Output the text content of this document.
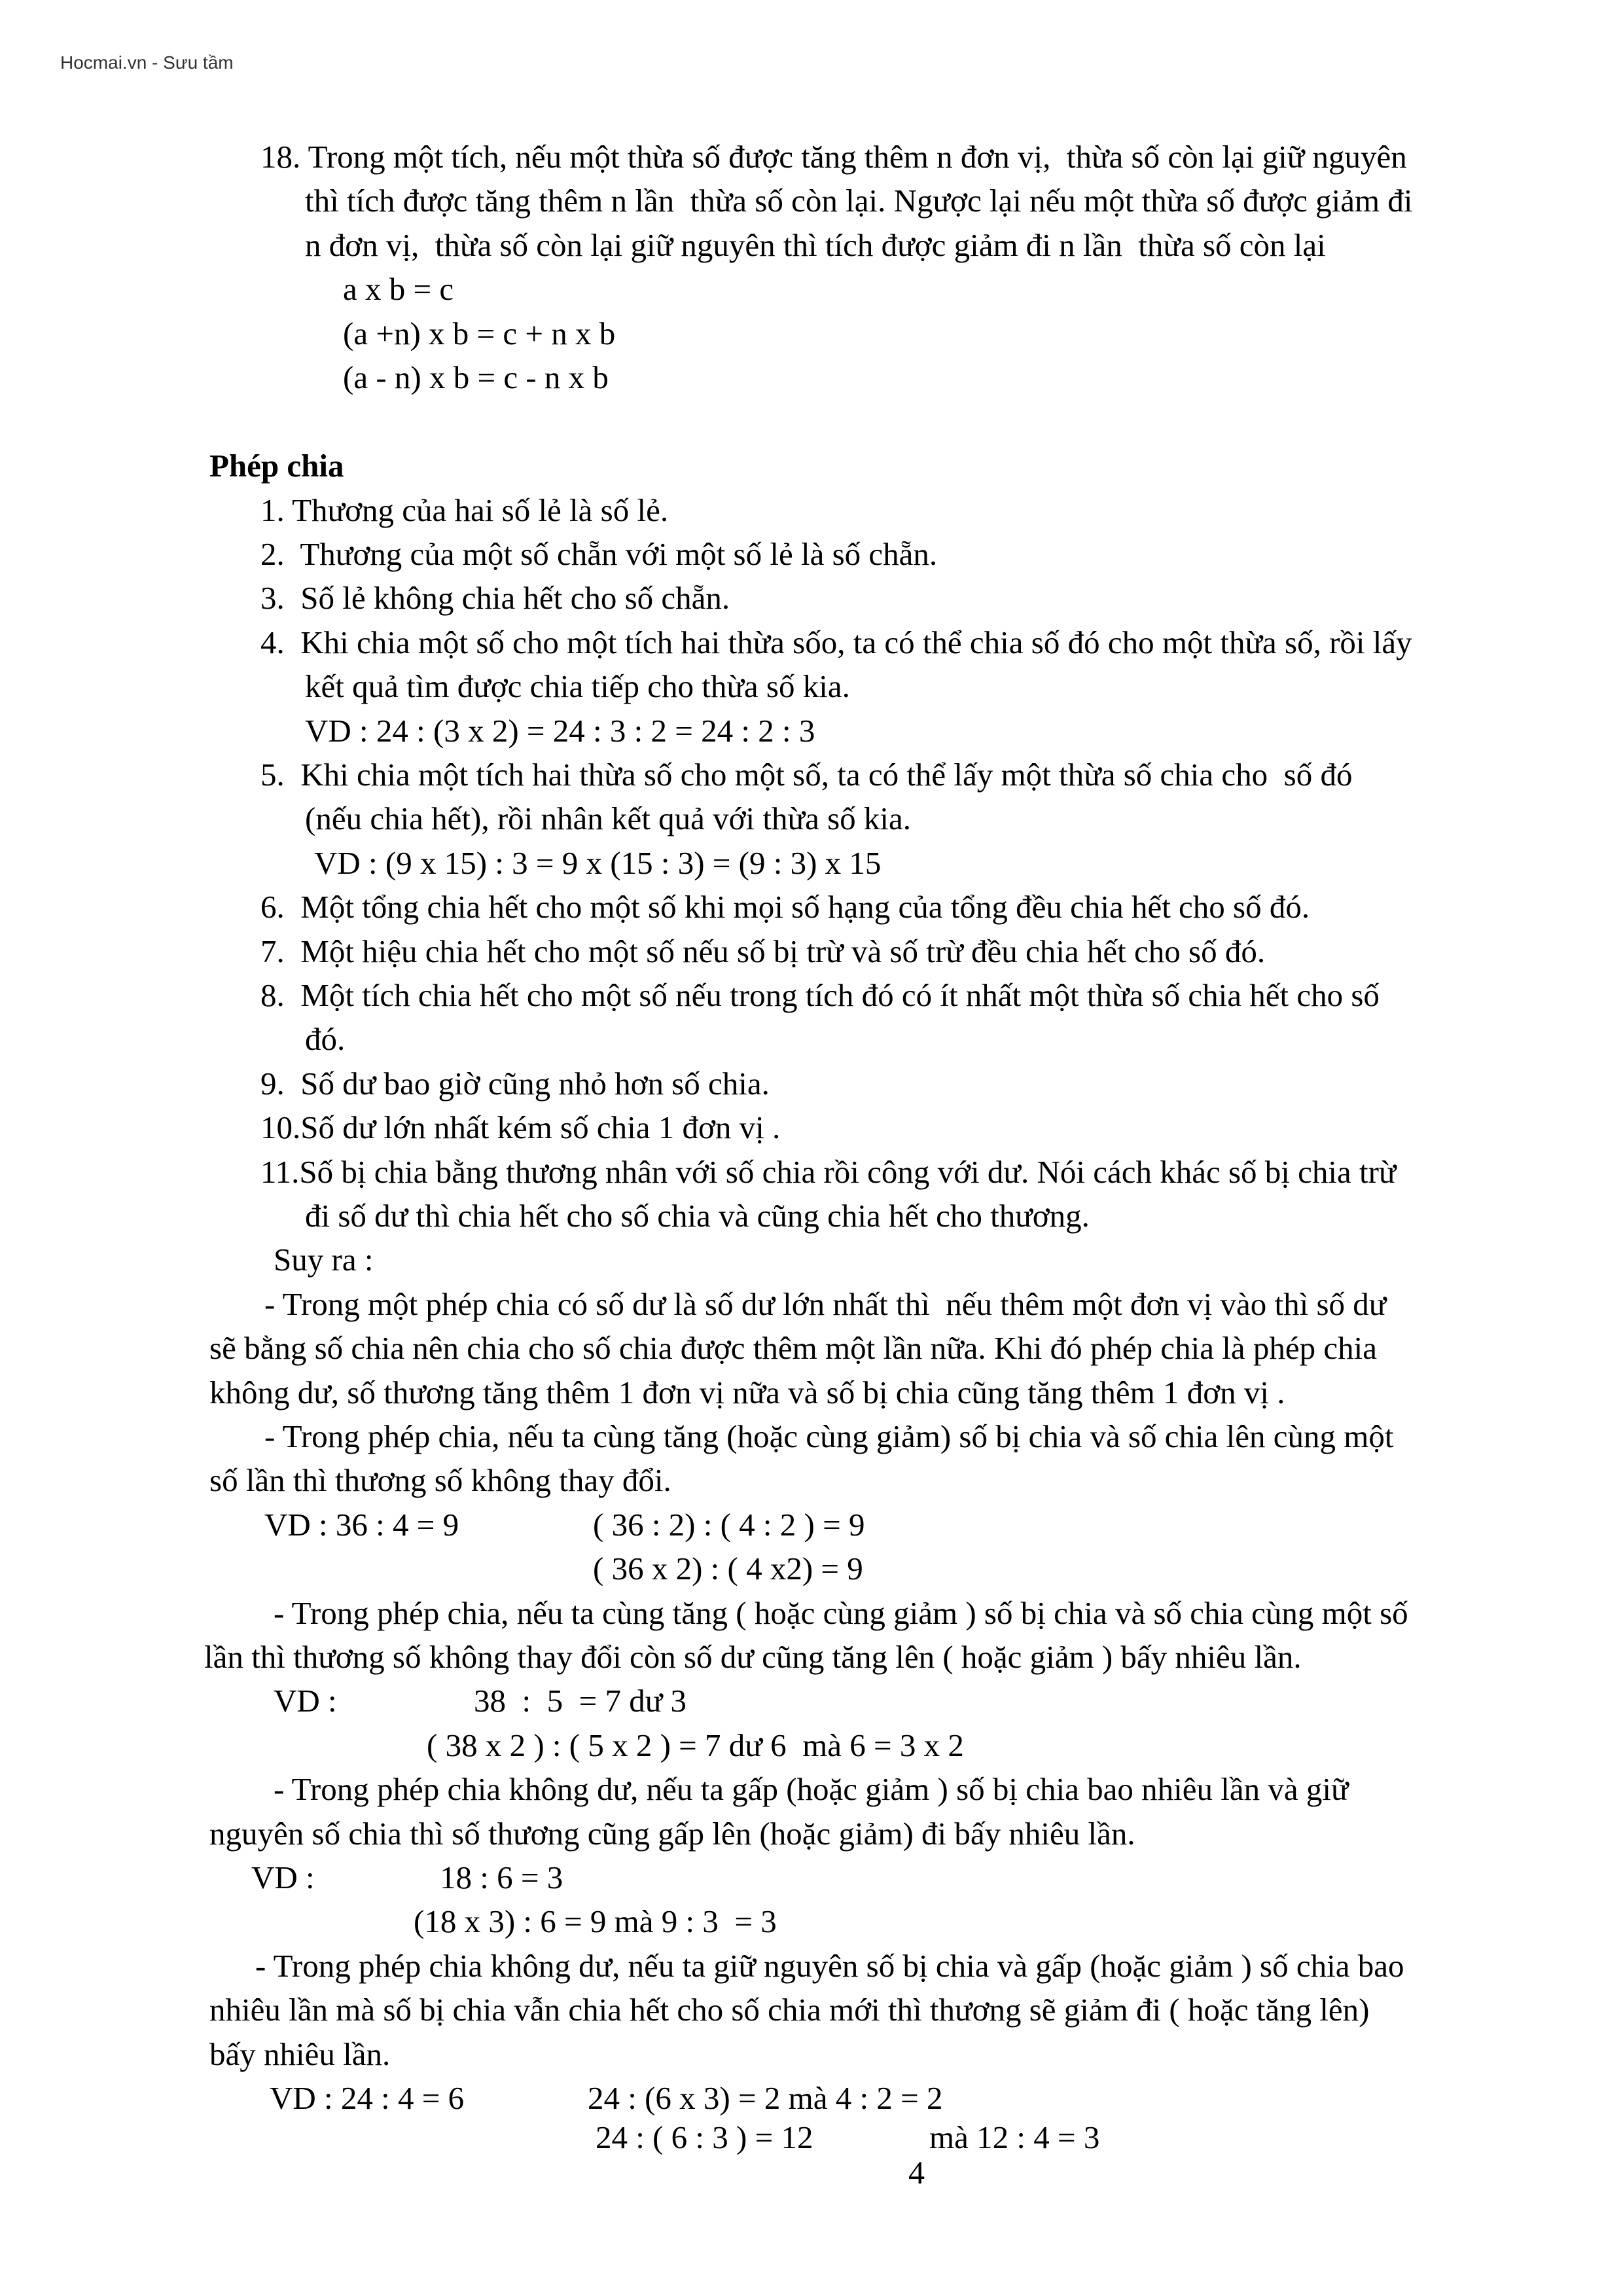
Hocmai.vn - Sưu tầm
18. Trong một tích, nếu một thừa số được tăng thêm n đơn vị,  thừa số còn lại giữ nguyên
thì tích được tăng thêm n lần  thừa số còn lại. Ngược lại nếu một thừa số được giảm đi
n đơn vị,  thừa số còn lại giữ nguyên thì tích được giảm đi n lần  thừa số còn lại
a x b = c
(a +n) x b = c + n x b
(a - n) x b = c - n x b
Phép chia
1. Thương của hai số lẻ là số lẻ.
2.  Thương của một số chẵn với một số lẻ là số chẵn.
3.  Số lẻ không chia hết cho số chẵn.
4.  Khi chia một số cho một tích hai thừa sốo, ta có thể chia số đó cho một thừa số, rồi lấy
kết quả tìm được chia tiếp cho thừa số kia.
VD : 24 : (3 x 2) = 24 : 3 : 2 = 24 : 2 : 3
5.  Khi chia một tích hai thừa số cho một số, ta có thể lấy một thừa số chia cho  số đó
(nếu chia hết), rồi nhân kết quả với thừa số kia.
VD : (9 x 15) : 3 = 9 x (15 : 3) = (9 : 3) x 15
6.  Một tổng chia hết cho một số khi mọi số hạng của tổng đều chia hết cho số đó.
7.  Một hiệu chia hết cho một số nếu số bị trừ và số trừ đều chia hết cho số đó.
8.  Một tích chia hết cho một số nếu trong tích đó có ít nhất một thừa số chia hết cho số
đó.
9.  Số dư bao giờ cũng nhỏ hơn số chia.
10.Số dư lớn nhất kém số chia 1 đơn vị .
11.Số bị chia bằng thương nhân với số chia rồi công với dư. Nói cách khác số bị chia trừ
đi số dư thì chia hết cho số chia và cũng chia hết cho thương.
Suy ra :
- Trong một phép chia có số dư là số dư lớn nhất thì  nếu thêm một đơn vị vào thì số dư
sẽ bằng số chia nên chia cho số chia được thêm một lần nữa. Khi đó phép chia là phép chia
không dư, số thương tăng thêm 1 đơn vị nữa và số bị chia cũng tăng thêm 1 đơn vị .
- Trong phép chia, nếu ta cùng tăng (hoặc cùng giảm) số bị chia và số chia lên cùng một
số lần thì thương số không thay đổi.
VD : 36 : 4 = 9	( 36 : 2) : ( 4 : 2 ) = 9
( 36 x 2) : ( 4 x2) = 9
- Trong phép chia, nếu ta cùng tăng ( hoặc cùng giảm ) số bị chia và số chia cùng một số
lần thì thương số không thay đổi còn số dư cũng tăng lên ( hoặc giảm ) bấy nhiêu lần.
VD :	38  :  5  = 7 dư 3
( 38 x 2 ) : ( 5 x 2 ) = 7 dư 6  mà 6 = 3 x 2
- Trong phép chia không dư, nếu ta gấp (hoặc giảm ) số bị chia bao nhiêu lần và giữ
nguyên số chia thì số thương cũng gấp lên (hoặc giảm) đi bấy nhiêu lần.
VD :	18 : 6 = 3
(18 x 3) : 6 = 9 mà 9 : 3  = 3
- Trong phép chia không dư, nếu ta giữ nguyên số bị chia và gấp (hoặc giảm ) số chia bao
nhiêu lần mà số bị chia vẫn chia hết cho số chia mới thì thương sẽ giảm đi ( hoặc tăng lên)
bấy nhiêu lần.
VD : 24 : 4 = 6	24 : (6 x 3) = 2 mà 4 : 2 = 2
24 : ( 6 : 3 ) = 12	mà 12 : 4 = 3
4
